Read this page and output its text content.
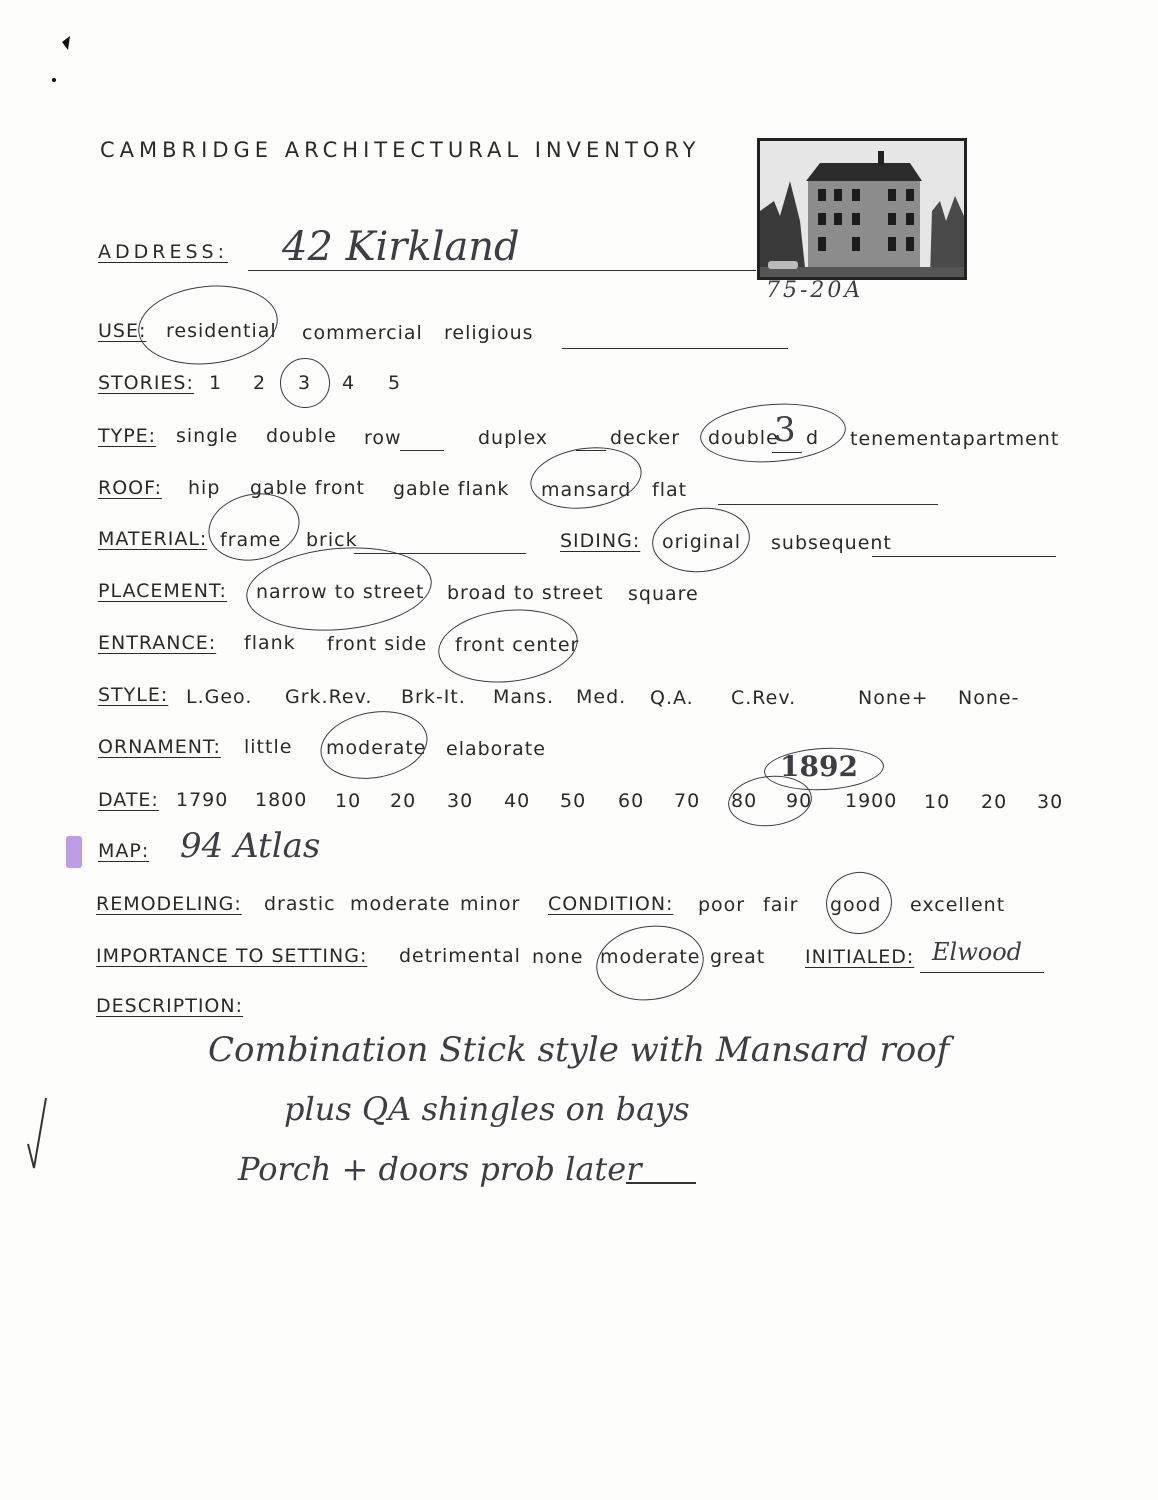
CAMBRIDGE ARCHITECTURAL INVENTORY
75-20A
ADDRESS: 42 Kirkland
USE: residential commercial religious
STORIES: 1 2 3 4 5
TYPE: single double row	duplex	decker double
3 d tenement apartment
ROOF: hip gable front gable flank mansard flat
MATERIAL: frame brick	SIDING: original subsequent
PLACEMENT: narrow to street broad to street square
ENTRANCE: flank front side front center
STYLE: L.Geo. Grk.Rev. Brk-It. Mans. Med. Q.A. C.Rev.	None+ None-
ORNAMENT: little moderate elaborate
DATE: 1790 1800 10 20 30 40 50 60 70 80 90 1900 10 20 30
1892
MAP: 94 Atlas
REMODELING: drastic moderate minor CONDITION: poor fair good excellent
IMPORTANCE TO SETTING: detrimental none moderate great INITIALED: Elwood
DESCRIPTION:
Combination Stick style with Mansard roof
plus QA shingles on bays
Porch + doors prob later
